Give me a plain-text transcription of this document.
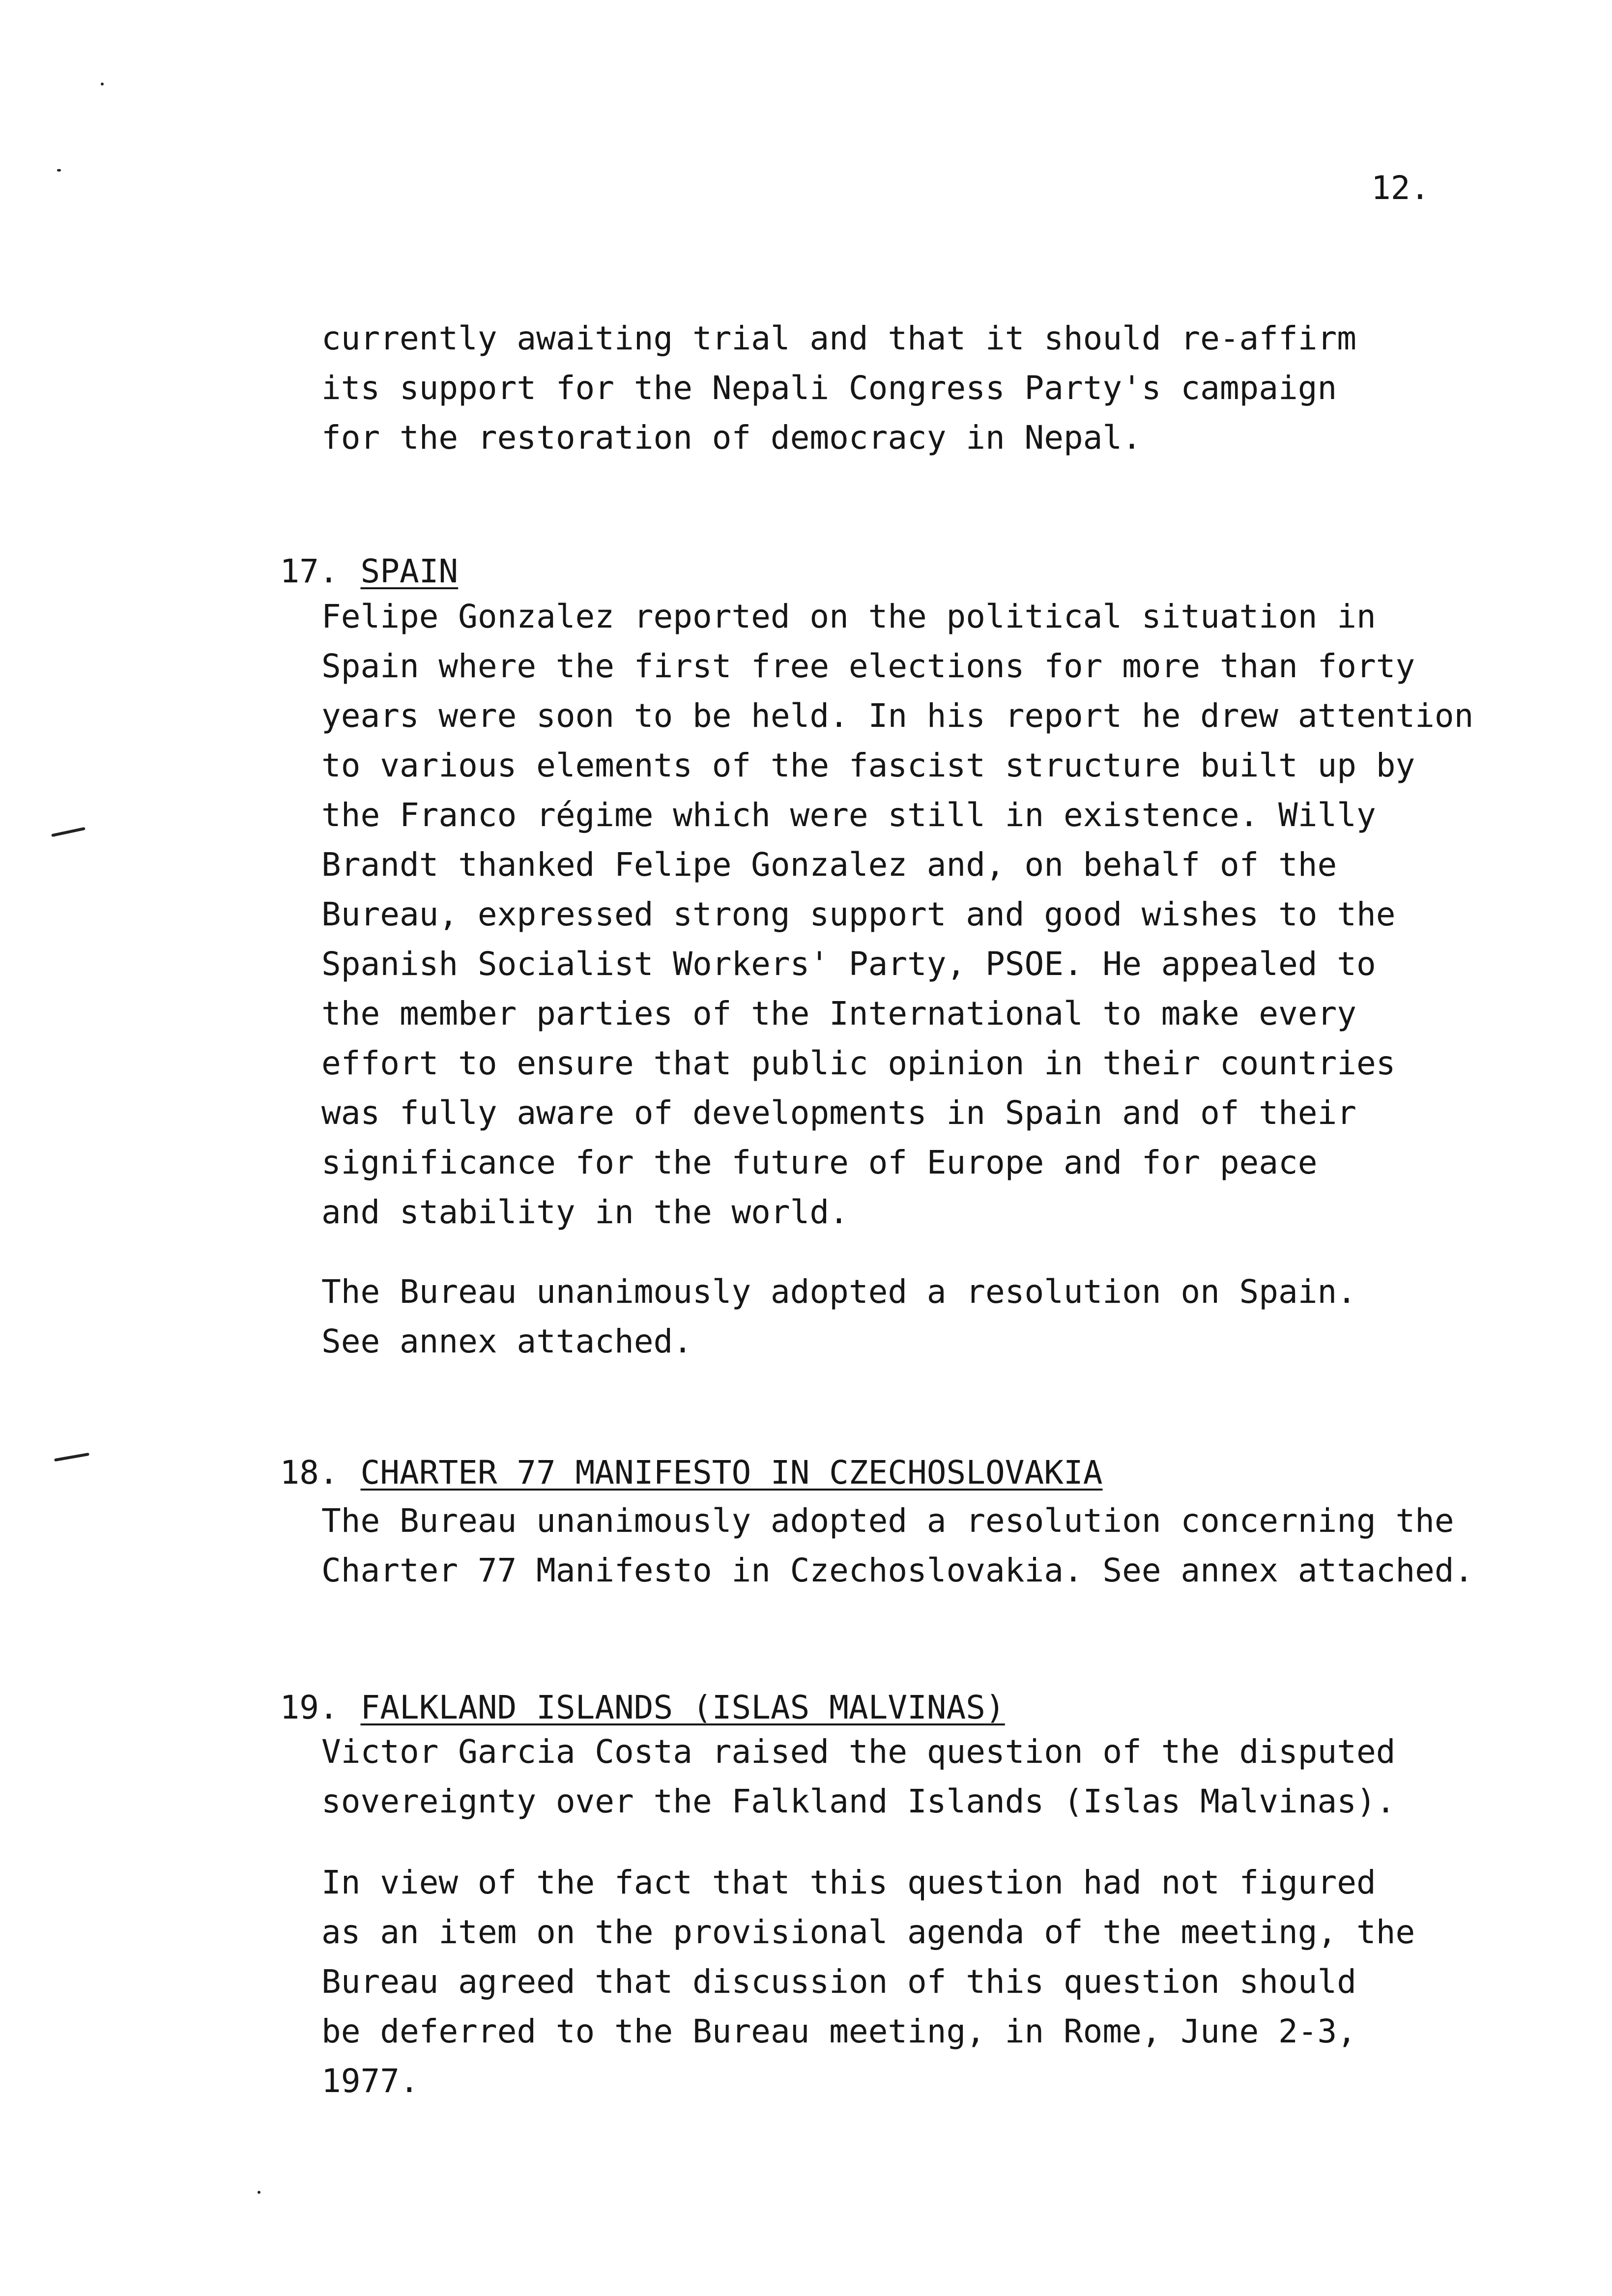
12.
currently awaiting trial and that it should re-affirm
its support for the Nepali Congress Party's campaign
for the restoration of democracy in Nepal.

17. SPAIN

Felipe Gonzalez reported on the political situation in
Spain where the first free elections for more than forty
years were soon to be held. In his report he drew attention
to various elements of the fascist structure built up by
the Franco régime which were still in existence. Willy
Brandt thanked Felipe Gonzalez and, on behalf of the
Bureau, expressed strong support and good wishes to the
Spanish Socialist Workers' Party, PSOE. He appealed to
the member parties of the International to make every
effort to ensure that public opinion in their countries
was fully aware of developments in Spain and of their
significance for the future of Europe and for peace
and stability in the world.
The Bureau unanimously adopted a resolution on Spain.
See annex attached.

18. CHARTER 77 MANIFESTO IN CZECHOSLOVAKIA

The Bureau unanimously adopted a resolution concerning the
Charter 77 Manifesto in Czechoslovakia. See annex attached.

19. FALKLAND ISLANDS (ISLAS MALVINAS)

Victor Garcia Costa raised the question of the disputed
sovereignty over the Falkland Islands (Islas Malvinas).
In view of the fact that this question had not figured
as an item on the provisional agenda of the meeting, the
Bureau agreed that discussion of this question should
be deferred to the Bureau meeting, in Rome, June 2-3,
1977.
